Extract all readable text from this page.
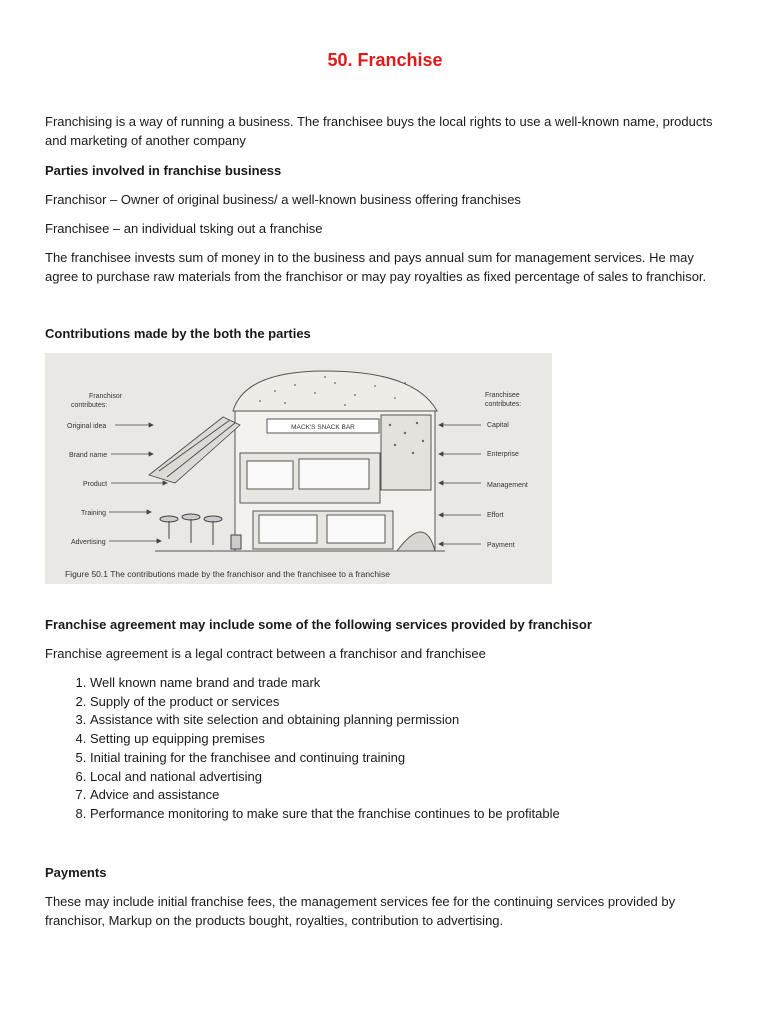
50. Franchise

Franchising is a way of running a business. The franchisee buys the local rights to use a well-known name, products and marketing of another company

Parties involved in franchise business

Franchisor – Owner of original business/ a well-known business offering franchises

Franchisee – an individual tsking out a franchise

The franchisee invests sum of money in to the business and pays annual sum for management services. He may agree to purchase raw materials from the franchisor or may pay royalties as fixed percentage of sales to franchisor.

Contributions made by the both the parties

Franchisor contributes:
Original idea
Brand name
Product
Training
Advertising
MACK'S SNACK BAR
Franchisee contributes:
Capital
Enterprise
Management
Effort
Payment
Figure 50.1 The contributions made by the franchisor and the franchisee to a franchise

Franchise agreement may include some of the following services provided by franchisor

Franchise agreement is a legal contract between a franchisor and franchisee

1. Well known name brand and trade mark
2. Supply of the product or services
3. Assistance with site selection and obtaining planning permission
4. Setting up equipping premises
5. Initial training for the franchisee and continuing training
6. Local and national advertising
7. Advice and assistance
8. Performance monitoring to make sure that the franchise continues to be profitable

Payments

These may include initial franchise fees, the management services fee for the continuing services provided by franchisor, Markup on the products bought, royalties, contribution to advertising.
